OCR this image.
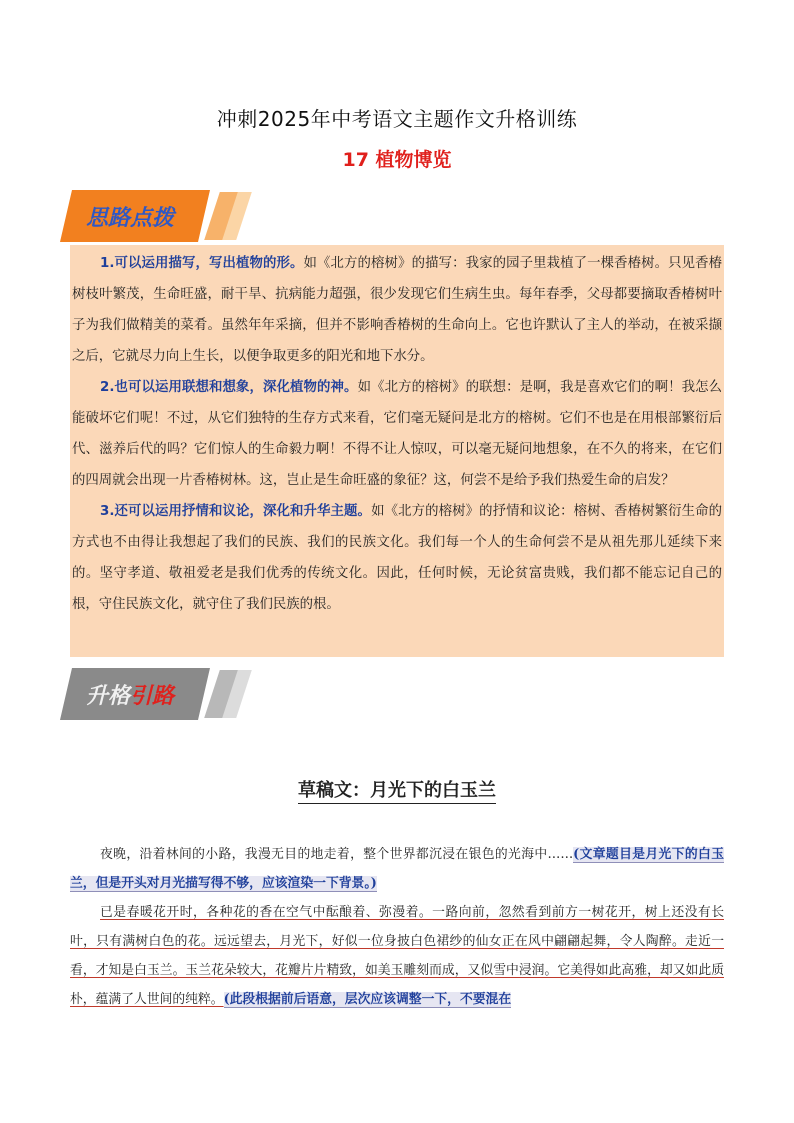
冲刺2025年中考语文主题作文升格训练
17 植物博览
思路点拨

1.可以运用描写，写出植物的形。如《北方的榕树》的描写：我家的园子里栽植了一棵香椿树。只见香椿树枝叶繁茂，生命旺盛，耐干旱、抗病能力超强，很少发现它们生病生虫。每年春季，父母都要摘取香椿树叶子为我们做精美的菜肴。虽然年年采摘，但并不影响香椿树的生命向上。它也许默认了主人的举动，在被采撷之后，它就尽力向上生长，以便争取更多的阳光和地下水分。

2.也可以运用联想和想象，深化植物的神。如《北方的榕树》的联想：是啊，我是喜欢它们的啊！我怎么能破坏它们呢！不过，从它们独特的生存方式来看，它们毫无疑问是北方的榕树。它们不也是在用根部繁衍后代、滋养后代的吗？它们惊人的生命毅力啊！不得不让人惊叹，可以毫无疑问地想象，在不久的将来，在它们的四周就会出现一片香椿树林。这，岂止是生命旺盛的象征？这，何尝不是给予我们热爱生命的启发？

3.还可以运用抒情和议论，深化和升华主题。如《北方的榕树》的抒情和议论：榕树、香椿树繁衍生命的方式也不由得让我想起了我们的民族、我们的民族文化。我们每一个人的生命何尝不是从祖先那儿延续下来的。坚守孝道、敬祖爱老是我们优秀的传统文化。因此，任何时候，无论贫富贵贱，我们都不能忘记自己的根，守住民族文化，就守住了我们民族的根。

升格引路
草稿文：月光下的白玉兰

夜晚，沿着林间的小路，我漫无目的地走着，整个世界都沉浸在银色的光海中……(文章题目是月光下的白玉兰，但是开头对月光描写得不够，应该渲染一下背景。)

已是春暖花开时，各种花的香在空气中酝酿着、弥漫着。一路向前，忽然看到前方一树花开，树上还没有长叶，只有满树白色的花。远远望去，月光下，好似一位身披白色裙纱的仙女正在风中翩翩起舞，令人陶醉。走近一看，才知是白玉兰。玉兰花朵较大，花瓣片片精致，如美玉雕刻而成，又似雪中浸润。它美得如此高雅，却又如此质朴，蕴满了人世间的纯粹。(此段根据前后语意，层次应该调整一下，不要混在
